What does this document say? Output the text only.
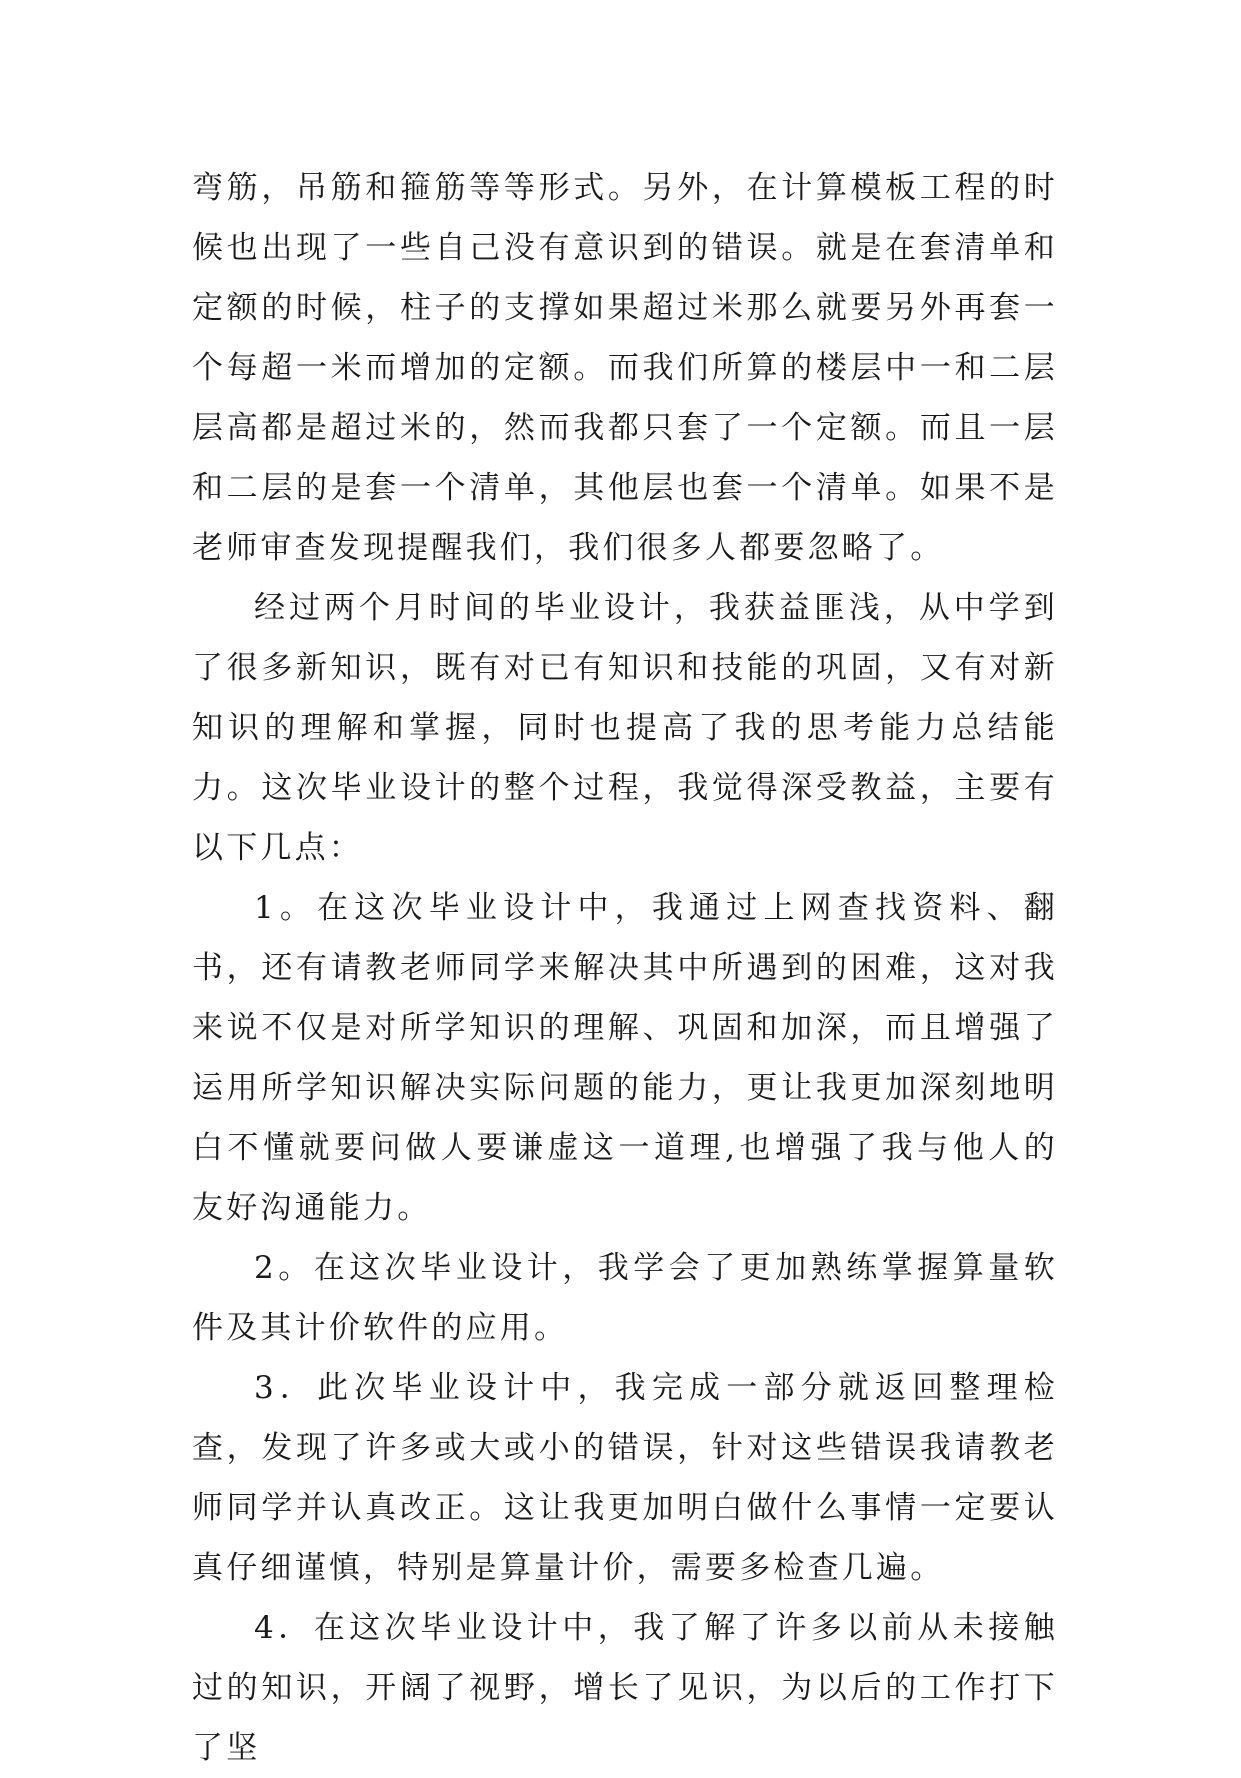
弯筋，吊筋和箍筋等等形式。另外，在计算模板工程的时候也出现了一些自己没有意识到的错误。就是在套清单和定额的时候，柱子的支撑如果超过米那么就要另外再套一个每超一米而增加的定额。而我们所算的楼层中一和二层层高都是超过米的，然而我都只套了一个定额。而且一层和二层的是套一个清单，其他层也套一个清单。如果不是老师审查发现提醒我们，我们很多人都要忽略了。

经过两个月时间的毕业设计，我获益匪浅，从中学到了很多新知识，既有对已有知识和技能的巩固，又有对新知识的理解和掌握，同时也提高了我的思考能力总结能力。这次毕业设计的整个过程，我觉得深受教益，主要有以下几点：

1。在这次毕业设计中，我通过上网查找资料、翻书，还有请教老师同学来解决其中所遇到的困难，这对我来说不仅是对所学知识的理解、巩固和加深，而且增强了运用所学知识解决实际问题的能力，更让我更加深刻地明白不懂就要问做人要谦虚这一道理,也增强了我与他人的友好沟通能力。

2。在这次毕业设计，我学会了更加熟练掌握算量软件及其计价软件的应用。

3．此次毕业设计中，我完成一部分就返回整理检查，发现了许多或大或小的错误，针对这些错误我请教老师同学并认真改正。这让我更加明白做什么事情一定要认真仔细谨慎，特别是算量计价，需要多检查几遍。

4．在这次毕业设计中，我了解了许多以前从未接触过的知识，开阔了视野，增长了见识，为以后的工作打下了坚
